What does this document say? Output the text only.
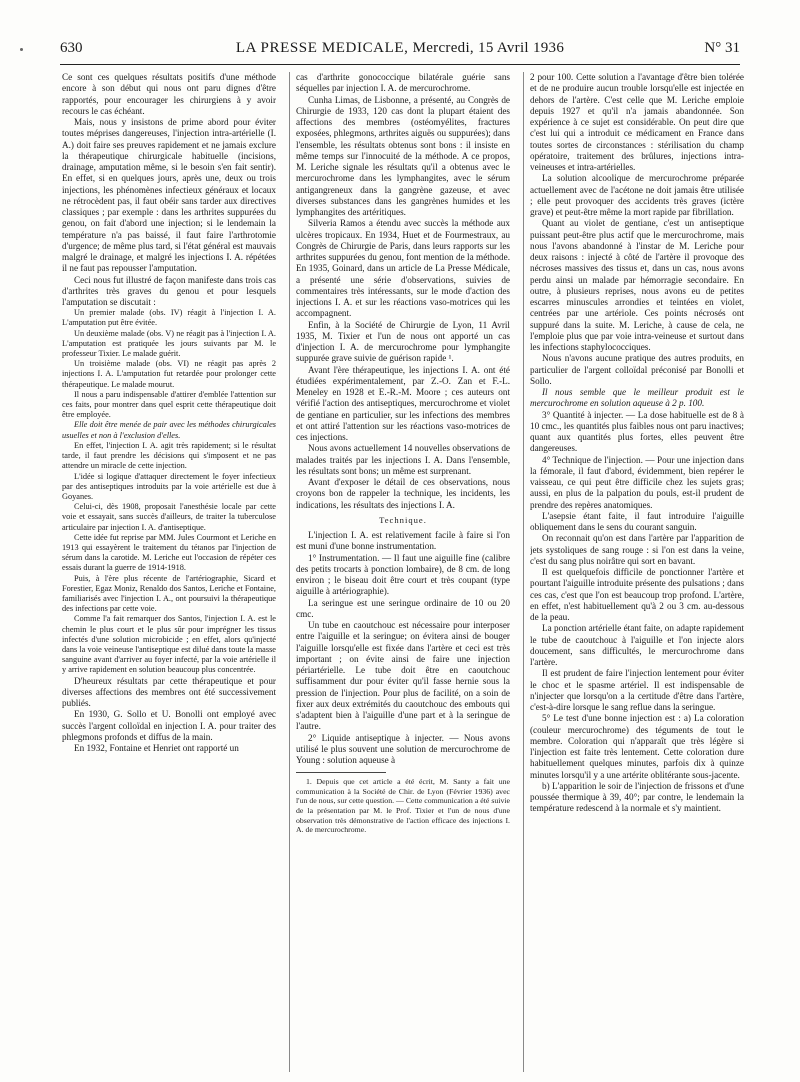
630	LA PRESSE MEDICALE, Mercredi, 15 Avril 1936	N° 31

Ce sont ces quelques résultats positifs d'une méthode encore à son début qui nous ont paru dignes d'être rapportés, pour encourager les chirurgiens à y avoir recours le cas échéant.

Mais, nous y insistons de prime abord pour éviter toutes méprises dangereuses, l'injection intra-artérielle (I. A.) doit faire ses preuves rapidement et ne jamais exclure la thérapeutique chirurgicale habituelle (incisions, drainage, amputation même, si le besoin s'en fait sentir). En effet, si en quelques jours, après une, deux ou trois injections, les phénomènes infectieux généraux et locaux ne rétrocèdent pas, il faut obéir sans tarder aux directives classiques ; par exemple : dans les arthrites suppurées du genou, on fait d'abord une injection; si le lendemain la température n'a pas baissé, il faut faire l'arthrotomie d'urgence; de même plus tard, si l'état général est mauvais malgré le drainage, et malgré les injections I. A. répétées il ne faut pas repousser l'amputation.

Ceci nous fut illustré de façon manifeste dans trois cas d'arthrites très graves du genou et pour lesquels l'amputation se discutait :

Un premier malade (obs. IV) réagit à l'injection I. A. L'amputation put être évitée.

Un deuxième malade (obs. V) ne réagit pas à l'injection I. A. L'amputation est pratiquée les jours suivants par M. le professeur Tixier. Le malade guérit.

Un troisième malade (obs. VI) ne réagit pas après 2 injections I. A. L'amputation fut retardée pour prolonger cette thérapeutique. Le malade mourut.

Il nous a paru indispensable d'attirer d'emblée l'attention sur ces faits, pour montrer dans quel esprit cette thérapeutique doit être employée.

Elle doit être menée de pair avec les méthodes chirurgicales usuelles et non à l'exclusion d'elles.

En effet, l'injection I. A. agit très rapidement; si le résultat tarde, il faut prendre les décisions qui s'imposent et ne pas attendre un miracle de cette injection.

L'idée si logique d'attaquer directement le foyer infectieux par des antiseptiques introduits par la voie artérielle est due à Goyanes.

Celui-ci, dès 1908, proposait l'anesthésie locale par cette voie et essayait, sans succès d'ailleurs, de traiter la tuberculose articulaire par injection I. A. d'antiseptique.

Cette idée fut reprise par MM. Jules Courmont et Leriche en 1913 qui essayèrent le traitement du tétanos par l'injection de sérum dans la carotide. M. Leriche eut l'occasion de répéter ces essais durant la guerre de 1914-1918.

Puis, à l'ère plus récente de l'artériographie, Sicard et Forestier, Egaz Moniz, Renaldo dos Santos, Leriche et Fontaine, familiarisés avec l'injection I. A., ont poursuivi la thérapeutique des infections par cette voie.

Comme l'a fait remarquer dos Santos, l'injection I. A. est le chemin le plus court et le plus sûr pour imprégner les tissus infectés d'une solution microbicide ; en effet, alors qu'injecté dans la voie veineuse l'antiseptique est dilué dans toute la masse sanguine avant d'arriver au foyer infecté, par la voie artérielle il y arrive rapidement en solution beaucoup plus concentrée.

D'heureux résultats par cette thérapeutique et pour diverses affections des membres ont été successivement publiés.

En 1930, G. Sollo et U. Bonolli ont employé avec succès l'argent colloïdal en injection I. A. pour traiter des phlegmons profonds et diffus de la main.

En 1932, Fontaine et Henriet ont rapporté un

cas d'arthrite gonococcique bilatérale guérie sans séquelles par injection I. A. de mercurochrome.

Cunha Limas, de Lisbonne, a présenté, au Congrès de Chirurgie de 1933, 120 cas dont la plupart étaient des affections des membres (ostéomyélites, fractures exposées, phlegmons, arthrites aiguës ou suppurées); dans l'ensemble, les résultats obtenus sont bons : il insiste en même temps sur l'innocuité de la méthode. A ce propos, M. Leriche signale les résultats qu'il a obtenus avec le mercurochrome dans les lymphangites, avec le sérum antigangreneux dans la gangrène gazeuse, et avec diverses substances dans les gangrènes humides et les lymphangites des artéritiques.

Silveria Ramos a étendu avec succès la méthode aux ulcères tropicaux. En 1934, Huet et de Fourmestraux, au Congrès de Chirurgie de Paris, dans leurs rapports sur les arthrites suppurées du genou, font mention de la méthode. En 1935, Goinard, dans un article de La Presse Médicale, a présenté une série d'observations, suivies de commentaires très intéressants, sur le mode d'action des injections I. A. et sur les réactions vaso-motrices qui les accompagnent.

Enfin, à la Société de Chirurgie de Lyon, 11 Avril 1935, M. Tixier et l'un de nous ont apporté un cas d'injection I. A. de mercurochrome pour lymphangite suppurée grave suivie de guérison rapide ¹.

Avant l'ère thérapeutique, les injections I. A. ont été étudiées expérimentalement, par Z.-O. Zan et F.-L. Meneley en 1928 et E.-R.-M. Moore ; ces auteurs ont vérifié l'action des antiseptiques, mercurochrome et violet de gentiane en particulier, sur les infections des membres et ont attiré l'attention sur les réactions vaso-motrices de ces injections.

Nous avons actuellement 14 nouvelles observations de malades traités par les injections I. A. Dans l'ensemble, les résultats sont bons; un même est surprenant.

Avant d'exposer le détail de ces observations, nous croyons bon de rappeler la technique, les incidents, les indications, les résultats des injections I. A.

Technique.

L'injection I. A. est relativement facile à faire si l'on est muni d'une bonne instrumentation.

1° Instrumentation. — Il faut une aiguille fine (calibre des petits trocarts à ponction lombaire), de 8 cm. de long environ ; le biseau doit être court et très coupant (type aiguille à artériographie).

La seringue est une seringue ordinaire de 10 ou 20 cmc.

Un tube en caoutchouc est nécessaire pour interposer entre l'aiguille et la seringue; on évitera ainsi de bouger l'aiguille lorsqu'elle est fixée dans l'artère et ceci est très important ; on évite ainsi de faire une injection périartérielle. Le tube doit être en caoutchouc suffisamment dur pour éviter qu'il fasse hernie sous la pression de l'injection. Pour plus de facilité, on a soin de fixer aux deux extrémités du caoutchouc des embouts qui s'adaptent bien à l'aiguille d'une part et à la seringue de l'autre.

2° Liquide antiseptique à injecter. — Nous avons utilisé le plus souvent une solution de mercurochrome de Young : solution aqueuse à

1. Depuis que cet article a été écrit, M. Santy a fait une communication à la Société de Chir. de Lyon (Février 1936) avec l'un de nous, sur cette question. — Cette communication a été suivie de la présentation par M. le Prof. Tixier et l'un de nous d'une observation très démonstrative de l'action efficace des injections I. A. de mercurochrome.

2 pour 100. Cette solution a l'avantage d'être bien tolérée et de ne produire aucun trouble lorsqu'elle est injectée en dehors de l'artère. C'est celle que M. Leriche emploie depuis 1927 et qu'il n'a jamais abandonnée. Son expérience à ce sujet est considérable. On peut dire que c'est lui qui a introduit ce médicament en France dans toutes sortes de circonstances : stérilisation du champ opératoire, traitement des brûlures, injections intra-veineuses et intra-artérielles.

La solution alcoolique de mercurochrome préparée actuellement avec de l'acétone ne doit jamais être utilisée ; elle peut provoquer des accidents très graves (ictère grave) et peut-être même la mort rapide par fibrillation.

Quant au violet de gentiane, c'est un antiseptique puissant peut-être plus actif que le mercurochrome, mais nous l'avons abandonné à l'instar de M. Leriche pour deux raisons : injecté à côté de l'artère il provoque des nécroses massives des tissus et, dans un cas, nous avons perdu ainsi un malade par hémorragie secondaire. En outre, à plusieurs reprises, nous avons eu de petites escarres minuscules arrondies et teintées en violet, centrées par une artériole. Ces points nécrosés ont suppuré dans la suite. M. Leriche, à cause de cela, ne l'emploie plus que par voie intra-veineuse et surtout dans les infections staphylococciques.

Nous n'avons aucune pratique des autres produits, en particulier de l'argent colloïdal préconisé par Bonolli et Sollo.

Il nous semble que le meilleur produit est le mercurochrome en solution aqueuse à 2 p. 100.

3° Quantité à injecter. — La dose habituelle est de 8 à 10 cmc., les quantités plus faibles nous ont paru inactives; quant aux quantités plus fortes, elles peuvent être dangereuses.

4° Technique de l'injection. — Pour une injection dans la fémorale, il faut d'abord, évidemment, bien repérer le vaisseau, ce qui peut être difficile chez les sujets gras; aussi, en plus de la palpation du pouls, est-il prudent de prendre des repères anatomiques.

L'asepsie étant faite, il faut introduire l'aiguille obliquement dans le sens du courant sanguin.

On reconnait qu'on est dans l'artère par l'apparition de jets systoliques de sang rouge : si l'on est dans la veine, c'est du sang plus noirâtre qui sort en bavant.

Il est quelquefois difficile de ponctionner l'artère et pourtant l'aiguille introduite présente des pulsations ; dans ces cas, c'est que l'on est beaucoup trop profond. L'artère, en effet, n'est habituellement qu'à 2 ou 3 cm. au-dessous de la peau.

La ponction artérielle étant faite, on adapte rapidement le tube de caoutchouc à l'aiguille et l'on injecte alors doucement, sans difficultés, le mercurochrome dans l'artère.

Il est prudent de faire l'injection lentement pour éviter le choc et le spasme artériel. Il est indispensable de n'injecter que lorsqu'on a la certitude d'être dans l'artère, c'est-à-dire lorsque le sang reflue dans la seringue.

5° Le test d'une bonne injection est : a) La coloration (couleur mercurochrome) des téguments de tout le membre. Coloration qui n'apparaît que très légère si l'injection est faite très lentement. Cette coloration dure habituellement quelques minutes, parfois dix à quinze minutes lorsqu'il y a une artérite oblitérante sous-jacente.

b) L'apparition le soir de l'injection de frissons et d'une poussée thermique à 39, 40°; par contre, le lendemain la température redescend à la normale et s'y maintient.
